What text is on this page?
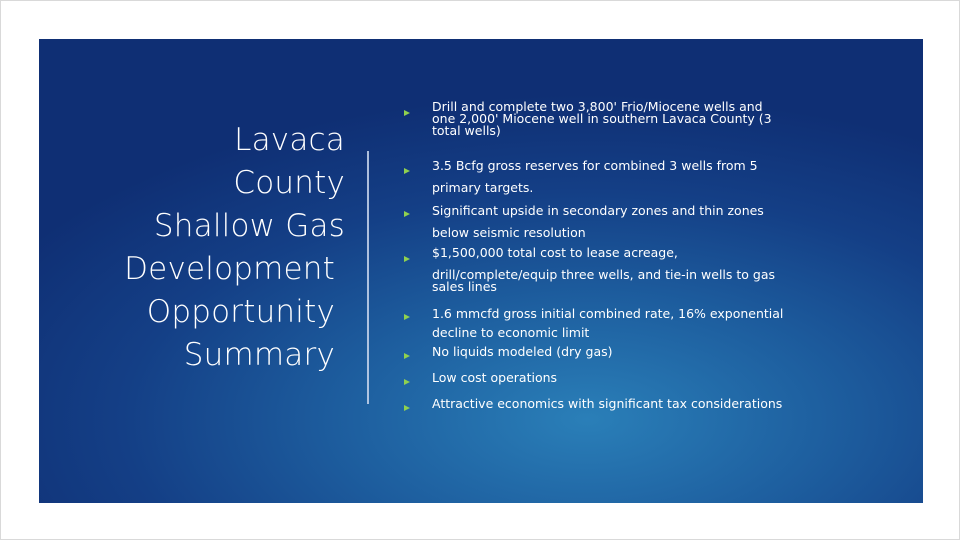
Lavaca
County
Shallow Gas
Development
Opportunity
Summary
Drill and complete two 3,800' Frio/Miocene wells and
one 2,000' Miocene well in southern Lavaca County (3
total wells)
3.5 Bcfg gross reserves for combined 3 wells from 5
primary targets.
Significant upside in secondary zones and thin zones
below seismic resolution
$1,500,000 total cost to lease acreage,
drill/complete/equip three wells, and tie-in wells to gas
sales lines
1.6 mmcfd gross initial combined rate, 16% exponential
decline to economic limit
No liquids modeled (dry gas)
Low cost operations
Attractive economics with significant tax considerations
